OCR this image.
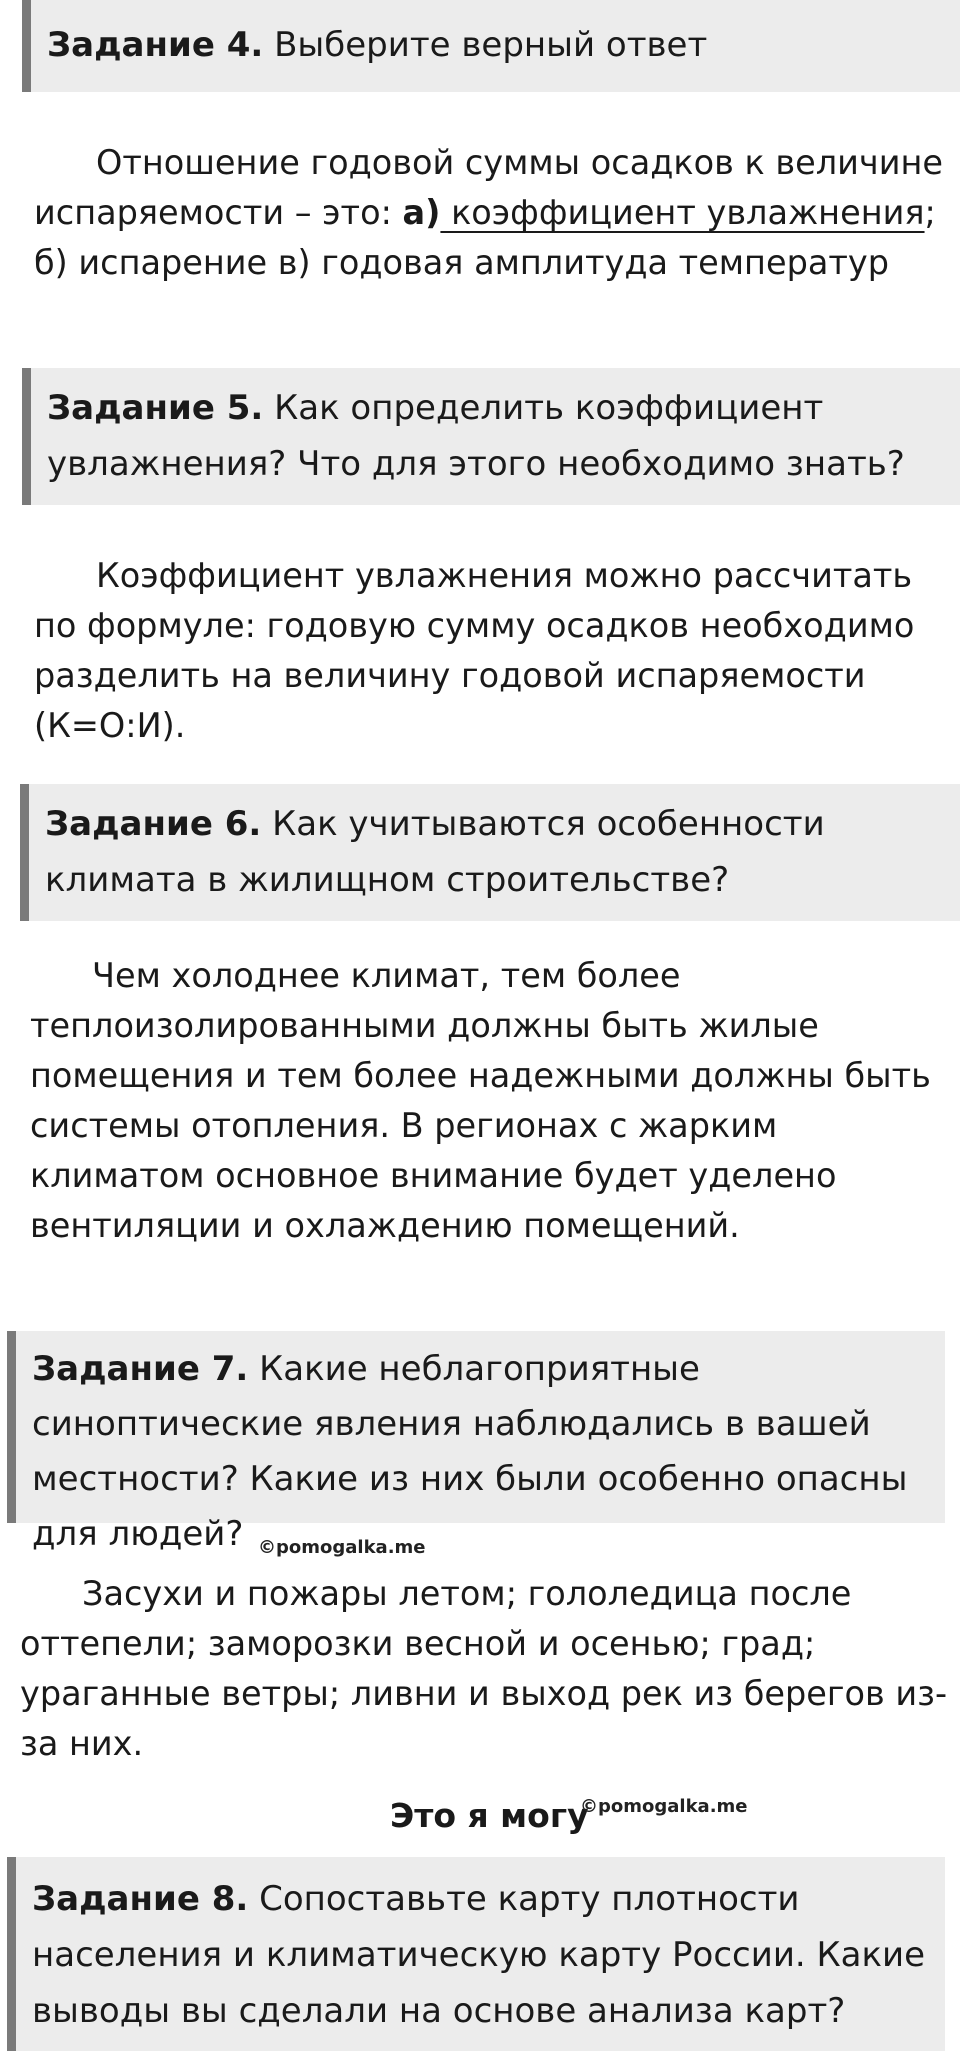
Задание 4. Выберите верный ответ
Отношение годовой суммы осадков к величине испаряемости – это: а) коэффициент увлажнения; б) испарение в) годовая амплитуда температур
Задание 5. Как определить коэффициент увлажнения? Что для этого необходимо знать?
Коэффициент увлажнения можно рассчитать по формуле: годовую сумму осадков необходимо разделить на величину годовой испаряемости (К=О:И).
Задание 6. Как учитываются особенности климата в жилищном строительстве?
Чем холоднее климат, тем более теплоизолированными должны быть жилые помещения и тем более надежными должны быть системы отопления. В регионах с жарким климатом основное внимание будет уделено вентиляции и охлаждению помещений.
Задание 7. Какие неблагоприятные синоптические явления наблюдались в вашей местности? Какие из них были особенно опасны для людей? ©pomogalka.me
Засухи и пожары летом; гололедица после оттепели; заморозки весной и осенью; град; ураганные ветры; ливни и выход рек из берегов из-за них.
Это я могу
©pomogalka.me
Задание 8. Сопоставьте карту плотности населения и климатическую карту России. Какие выводы вы сделали на основе анализа карт?
